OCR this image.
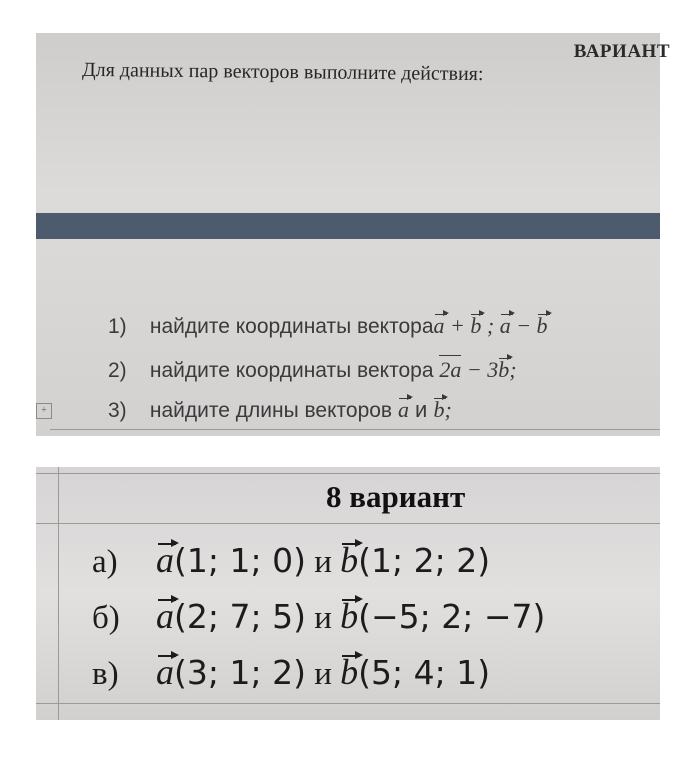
ВАРИАНТ
Для данных пар векторов выполните действия:
1) найдите координаты вектораa + b ; a − b
2) найдите координаты вектора 2a − 3b;
3) найдите длины векторов a и b;
+
8 вариант
а) a(1; 1; 0) и b(1; 2; 2)
б) a(2; 7; 5) и b(−5; 2; −7)
в) a(3; 1; 2) и b(5; 4; 1)
